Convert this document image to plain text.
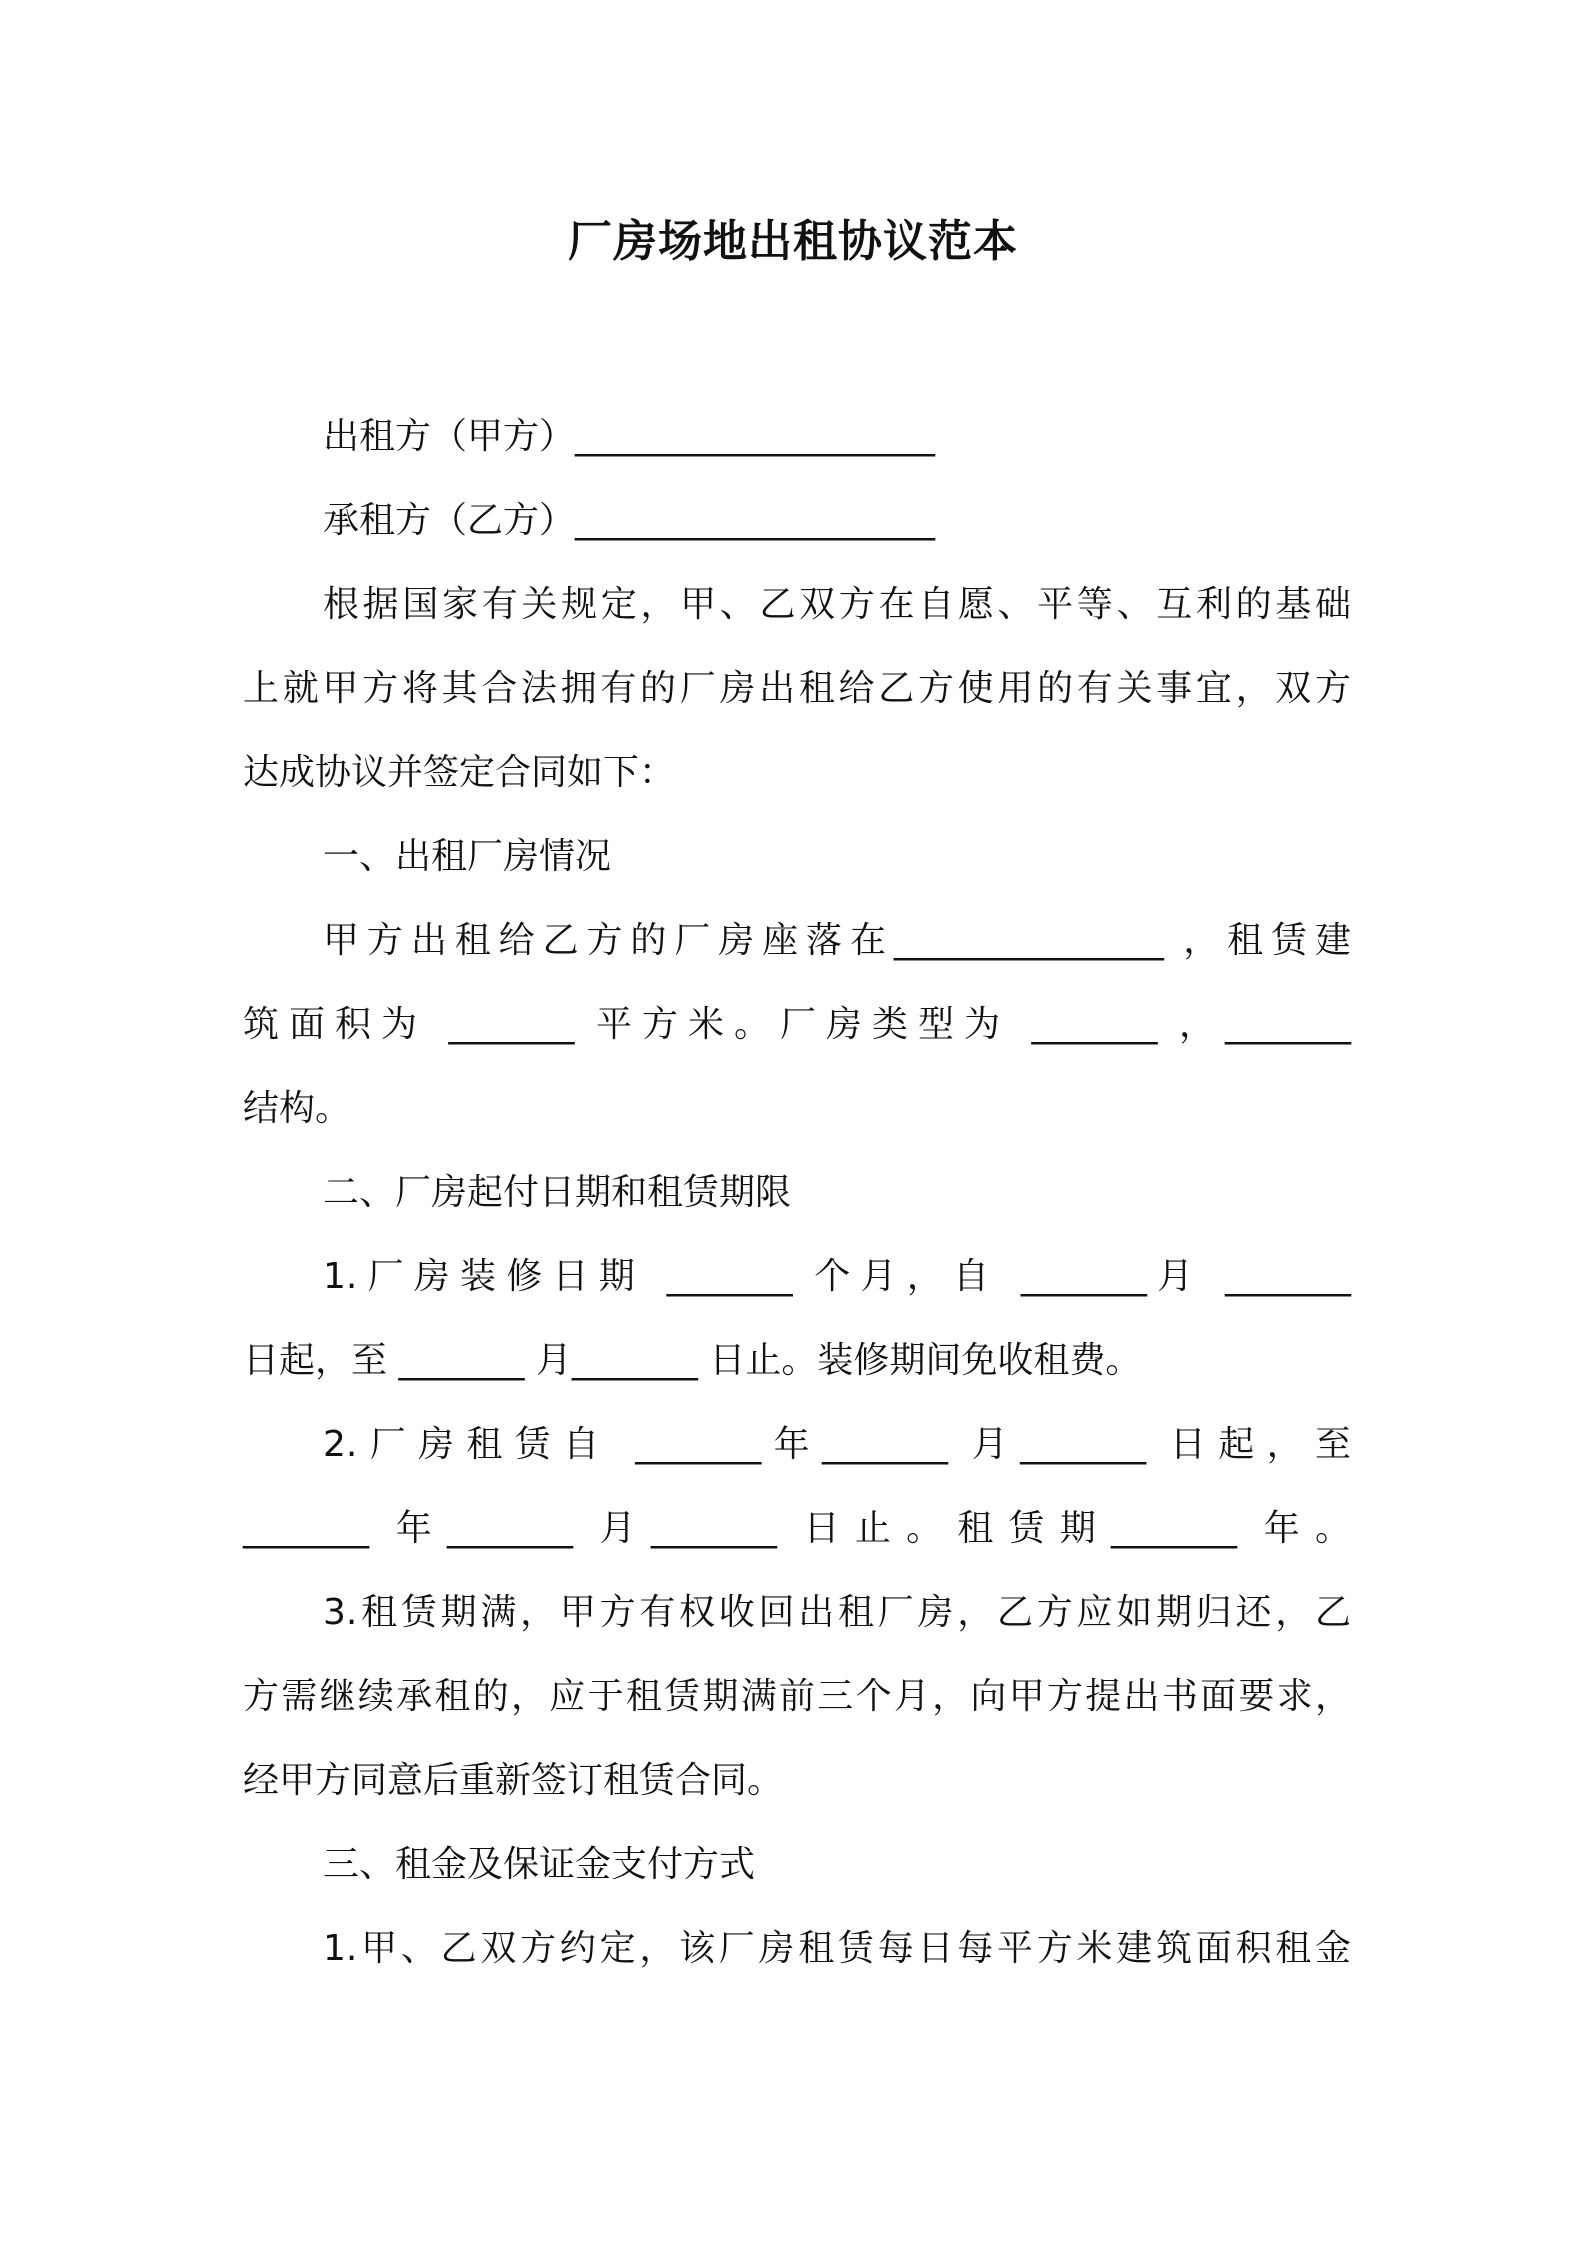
厂房场地出租协议范本
出租方（甲方）____________________
承租方（乙方）____________________
根据国家有关规定，甲、乙双方在自愿、平等、互利的基础
上就甲方将其合法拥有的厂房出租给乙方使用的有关事宜，双方
达成协议并签定合同如下：
一、出租厂房情况
甲方出租给乙方的厂房座落在_______________ ，租赁建
筑面积为 _______ 平方米。厂房类型为 _______ ，_______
结构。
二、厂房起付日期和租赁期限
1.厂房装修日期 _______ 个月，自 _______月 _______
日起，至 _______ 月_______ 日止。装修期间免收租费。
2.厂房租赁自 _______年_______ 月_______ 日起，至
_______ 年_______ 月_______ 日止。租赁期_______ 年。
3.租赁期满，甲方有权收回出租厂房，乙方应如期归还，乙
方需继续承租的，应于租赁期满前三个月，向甲方提出书面要求，
经甲方同意后重新签订租赁合同。
三、租金及保证金支付方式
1.甲、乙双方约定，该厂房租赁每日每平方米建筑面积租金
